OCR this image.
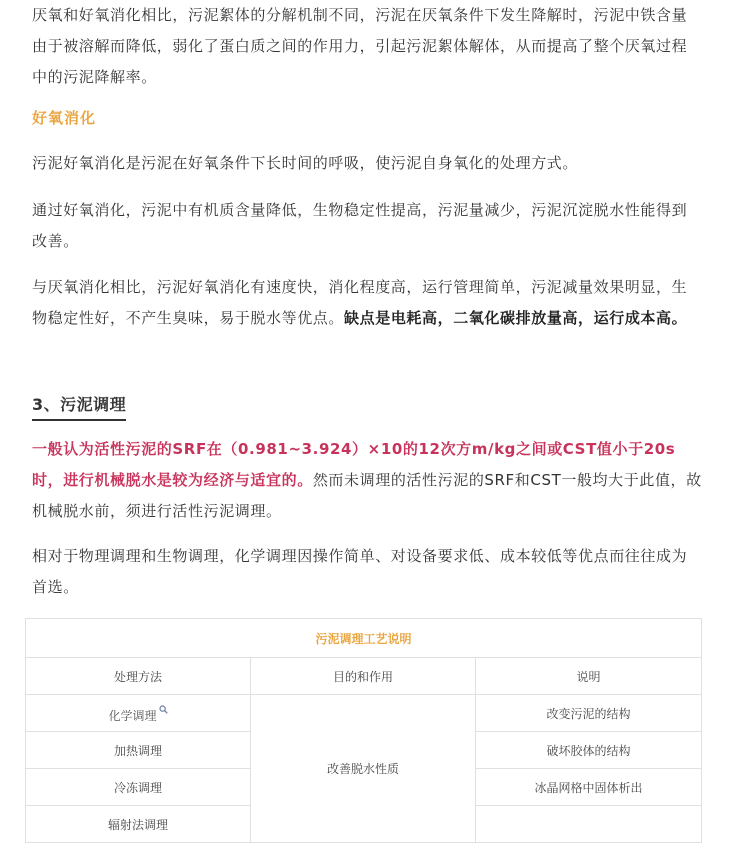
厌氧和好氧消化相比，污泥絮体的分解机制不同，污泥在厌氧条件下发生降解时，污泥中铁含量由于被溶解而降低，弱化了蛋白质之间的作用力，引起污泥絮体解体，从而提高了整个厌氧过程中的污泥降解率。

好氧消化

污泥好氧消化是污泥在好氧条件下长时间的呼吸，使污泥自身氧化的处理方式。

通过好氧消化，污泥中有机质含量降低，生物稳定性提高，污泥量减少，污泥沉淀脱水性能得到改善。

与厌氧消化相比，污泥好氧消化有速度快，消化程度高，运行管理简单，污泥减量效果明显，生物稳定性好，不产生臭味，易于脱水等优点。缺点是电耗高，二氧化碳排放量高，运行成本高。

3、污泥调理

一般认为活性污泥的SRF在（0.981~3.924）×10的12次方m/kg之间或CST值小于20s时，进行机械脱水是较为经济与适宜的。然而未调理的活性污泥的SRF和CST一般均大于此值，故机械脱水前，须进行活性污泥调理。

相对于物理调理和生物调理，化学调理因操作简单、对设备要求低、成本较低等优点而往往成为首选。

污泥调理工艺说明		
处理方法	目的和作用	说明
化学调理	改善脱水性质	改变污泥的结构
加热调理		破坏胶体的结构
冷冻调理		冰晶网格中固体析出
辐射法调理		
